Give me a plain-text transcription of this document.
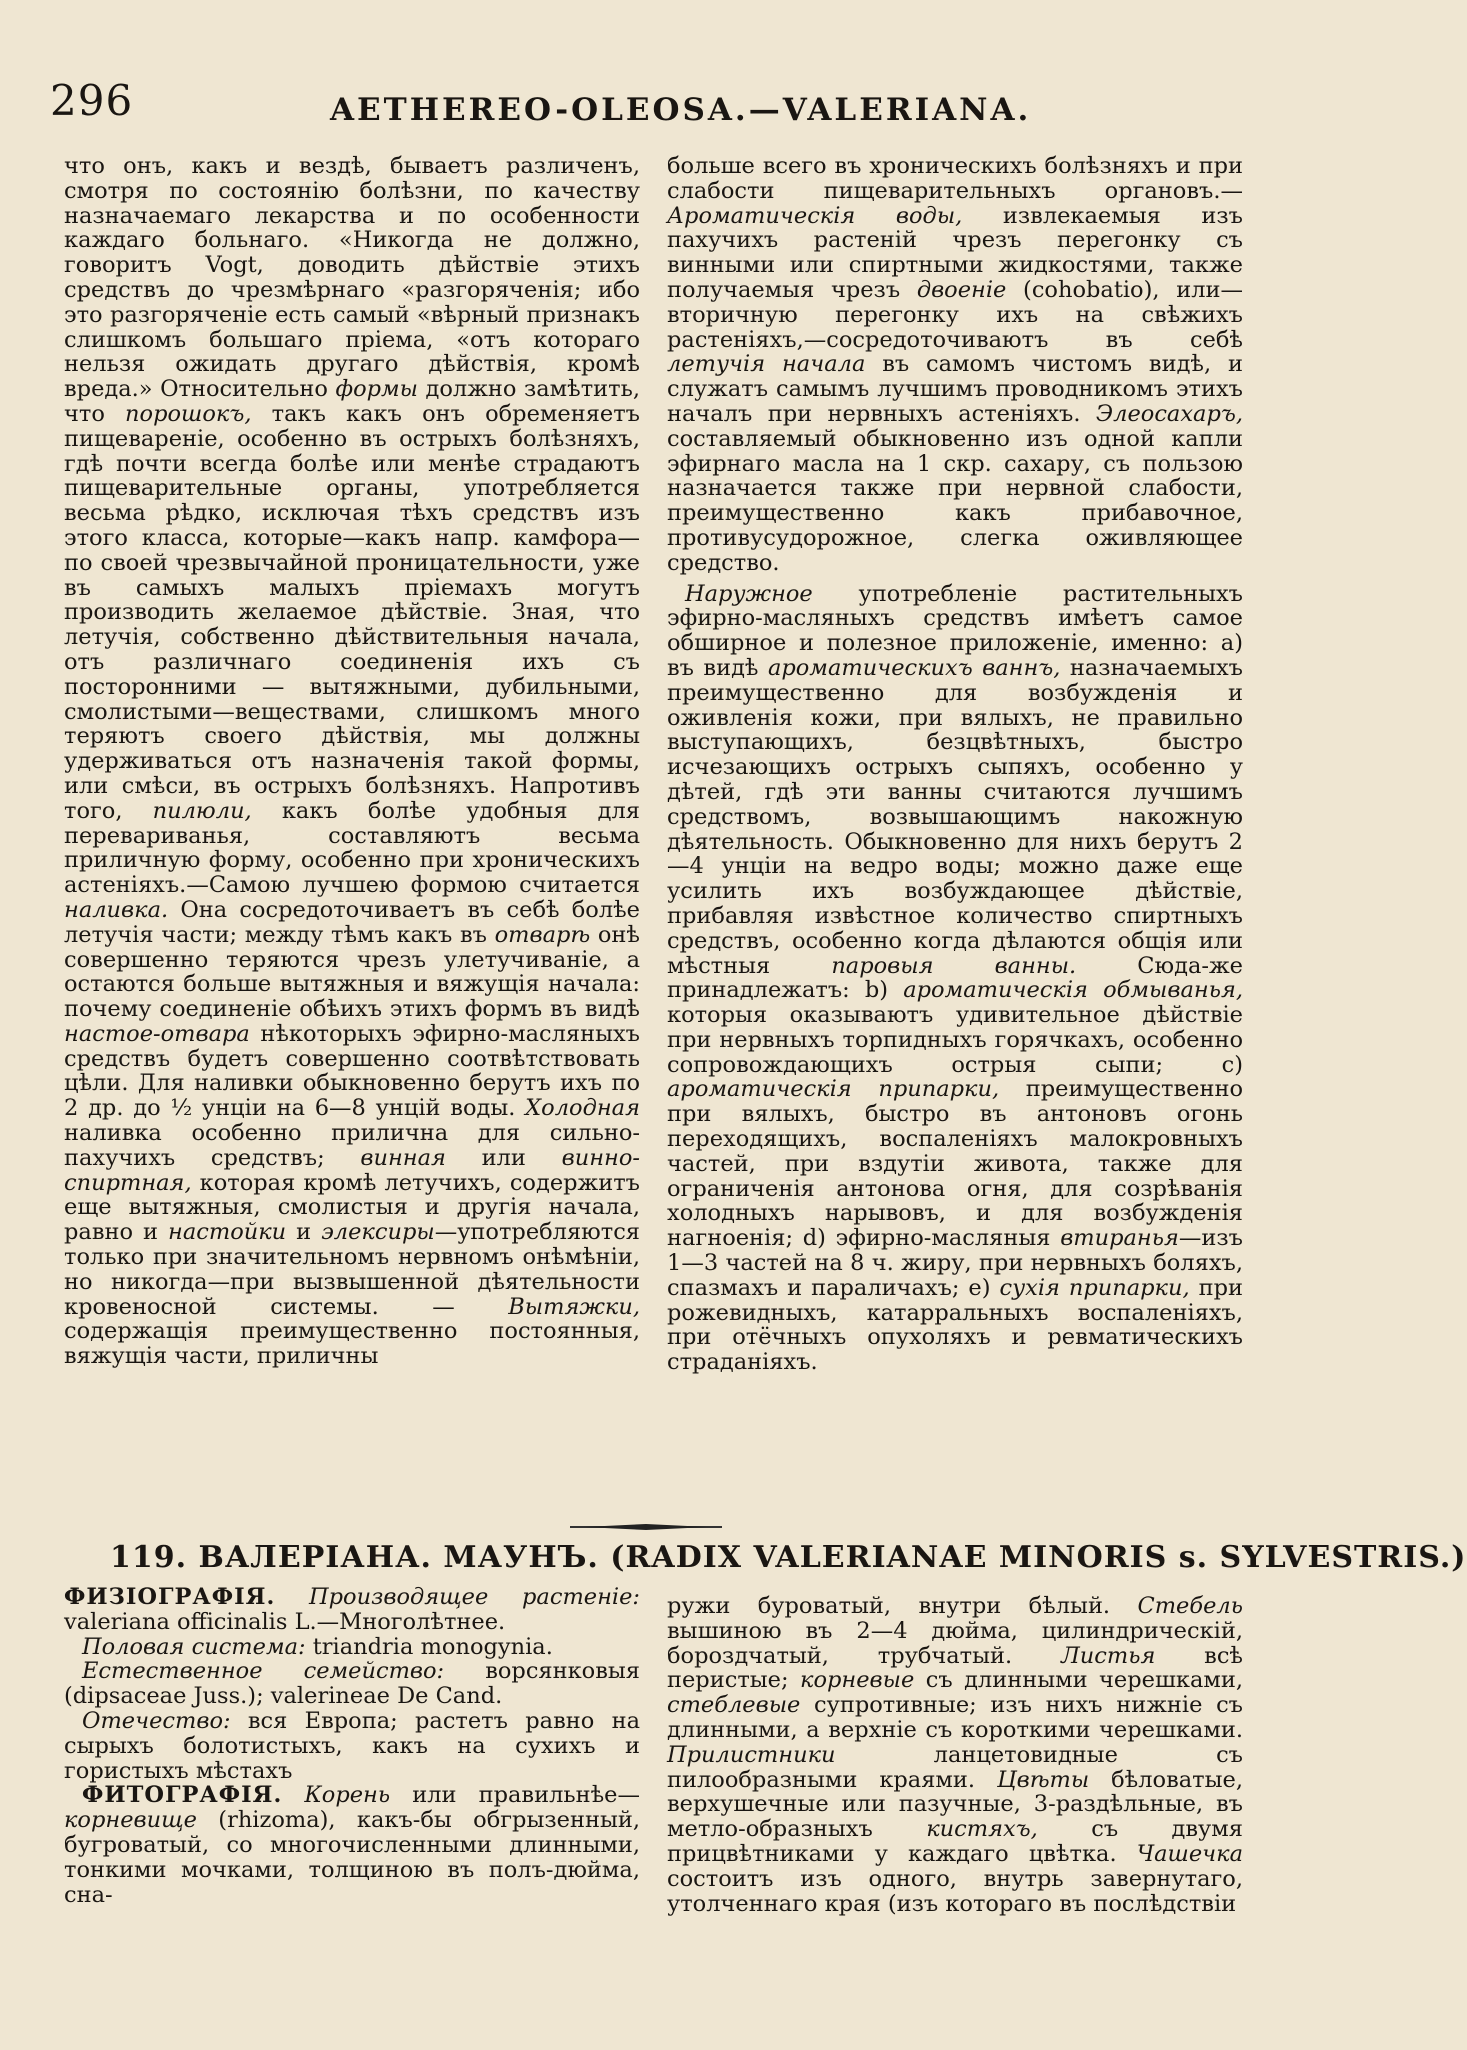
296	AETHEREO-OLEOSA.—VALERIANA.

что онъ, какъ и вездѣ, бываетъ различенъ, смотря по состоянію болѣзни, по качеству назначаемаго лекарства и по особенности каждаго больнаго. «Никогда не должно, говоритъ Vogt, доводить дѣйствіе этихъ средствъ до чрезмѣрнаго «разгоряченія; ибо это разгоряченіе есть самый «вѣрный признакъ слишкомъ большаго пріема, «отъ котораго нельзя ожидать другаго дѣйствія, кромѣ вреда.» Относительно формы должно замѣтить, что порошокъ, такъ какъ онъ обременяетъ пищевареніе, особенно въ острыхъ болѣзняхъ, гдѣ почти всегда болѣе или менѣе страдаютъ пищеварительные органы, употребляется весьма рѣдко, исключая тѣхъ средствъ изъ этого класса, которые—какъ напр. камфора—по своей чрезвычайной проницательности, уже въ самыхъ малыхъ пріемахъ могутъ производить желаемое дѣйствіе. Зная, что летучія, собственно дѣйствительныя начала, отъ различнаго соединенія ихъ съ посторонними — вытяжными, дубильными, смолистыми—веществами, слишкомъ много теряютъ своего дѣйствія, мы должны удерживаться отъ назначенія такой формы, или смѣси, въ острыхъ болѣзняхъ. Напротивъ того, пилюли, какъ болѣе удобныя для перевариванья, составляютъ весьма приличную форму, особенно при хроническихъ астеніяхъ.—Самою лучшею формою считается наливка. Она сосредоточиваетъ въ себѣ болѣе летучія части; между тѣмъ какъ въ отварѣ онѣ совершенно теряются чрезъ улетучиванiе, а остаются больше вытяжныя и вяжущія начала: почему соединеніе обѣихъ этихъ формъ въ видѣ настое-отвара нѣкоторыхъ эфирно-масляныхъ средствъ будетъ совершенно соотвѣтствовать цѣли. Для наливки обыкновенно берутъ ихъ по 2 др. до ½ унціи на 6—8 унцій воды. Холодная наливка особенно прилична для сильно-пахучихъ средствъ; винная или винно-спиртная, которая кромѣ летучихъ, содержитъ еще вытяжныя, смолистыя и другія начала, равно и настойки и элексиры—употребляются только при значительномъ нервномъ онѣмѣніи, но никогда—при вызвышенной дѣятельности кровеносной системы. — Вытяжки, содержащія преимущественно постоянныя, вяжущія части, приличны

больше всего въ хроническихъ болѣзняхъ и при слабости пищеварительныхъ органовъ.—Ароматическія воды, извлекаемыя изъ пахучихъ растеній чрезъ перегонку съ винными или спиртными жидкостями, также получаемыя чрезъ двоеніе (cohobatio), или—вторичную перегонку ихъ на свѣжихъ растеніяхъ,—сосредоточиваютъ въ себѣ летучія начала въ самомъ чистомъ видѣ, и служатъ самымъ лучшимъ проводникомъ этихъ началъ при нервныхъ астеніяхъ. Элеосахаръ, составляемый обыкновенно изъ одной капли эфирнаго масла на 1 скр. сахару, съ пользою назначается также при нервной слабости, преимущественно какъ прибавочное, противусудорожное, слегка оживляющее средство.

Наружное употребленіе растительныхъ эфирно-масляныхъ средствъ имѣетъ самое обширное и полезное приложеніе, именно: a) въ видѣ ароматическихъ ваннъ, назначаемыхъ преимущественно для возбужденія и оживленія кожи, при вялыхъ, не правильно выступающихъ, безцвѣтныхъ, быстро исчезающихъ острыхъ сыпяхъ, особенно у дѣтей, гдѣ эти ванны считаются лучшимъ средствомъ, возвышающимъ накожную дѣятельность. Обыкновенно для нихъ берутъ 2—4 унціи на ведро воды; можно даже еще усилить ихъ возбуждающее дѣйствіе, прибавляя извѣстное количество спиртныхъ средствъ, особенно когда дѣлаются общія или мѣстныя паровыя ванны. Сюда-же принадлежатъ: b) ароматическія обмыванья, которыя оказываютъ удивительное дѣйствіе при нервныхъ торпидныхъ горячкахъ, особенно сопровождающихъ острыя сыпи; c) ароматическія припарки, преимущественно при вялыхъ, быстро въ антоновъ огонь переходящихъ, воспаленіяхъ малокровныхъ частей, при вздутіи живота, также для ограниченія антонова огня, для созрѣванія холодныхъ нарывовъ, и для возбужденія нагноенія; d) эфирно-масляныя втиранья—изъ 1—3 частей на 8 ч. жиру, при нервныхъ боляхъ, спазмахъ и параличахъ; e) сухія припарки, при рожевидныхъ, катарральныхъ воспаленіяхъ, при отёчныхъ опухоляхъ и ревматическихъ страданіяхъ.

119. ВАЛЕРІАНА. МАУНЪ. (RADIX VALERIANAE MINORIS s. SYLVESTRIS.)

ФИЗІОГРАФІЯ. Производящее растеніе: valeriana officinalis L.—Многолѣтнее.

Половая система: triandria monogynia.

Естественное семейство: ворсянковыя (dipsaceae Juss.); valerineae De Cand.

Отечество: вся Европа; растетъ равно на сырыхъ болотистыхъ, какъ на сухихъ и гористыхъ мѣстахъ

ФИТОГРАФІЯ. Корень или правильнѣе—корневище (rhizoma), какъ-бы обгрызенный, бугроватый, со многочисленными длинными, тонкими мочками, толщиною въ полъ-дюйма, сна-

ружи буроватый, внутри бѣлый. Стебель вышиною въ 2—4 дюйма, цилиндрическій, бороздчатый, трубчатый. Листья всѣ перистые; корневые съ длинными черешками, стеблевые супротивные; изъ нихъ нижніе съ длинными, а верхніе съ короткими черешками. Прилистники ланцетовидные съ пилообразными краями. Цвѣты бѣловатые, верхушечные или пазучные, 3-раздѣльные, въ метло-образныхъ кистяхъ, съ двумя прицвѣтниками у каждаго цвѣтка. Чашечка состоитъ изъ одного, внутрь завернутаго, утолченнаго края (изъ котораго въ послѣдствіи
